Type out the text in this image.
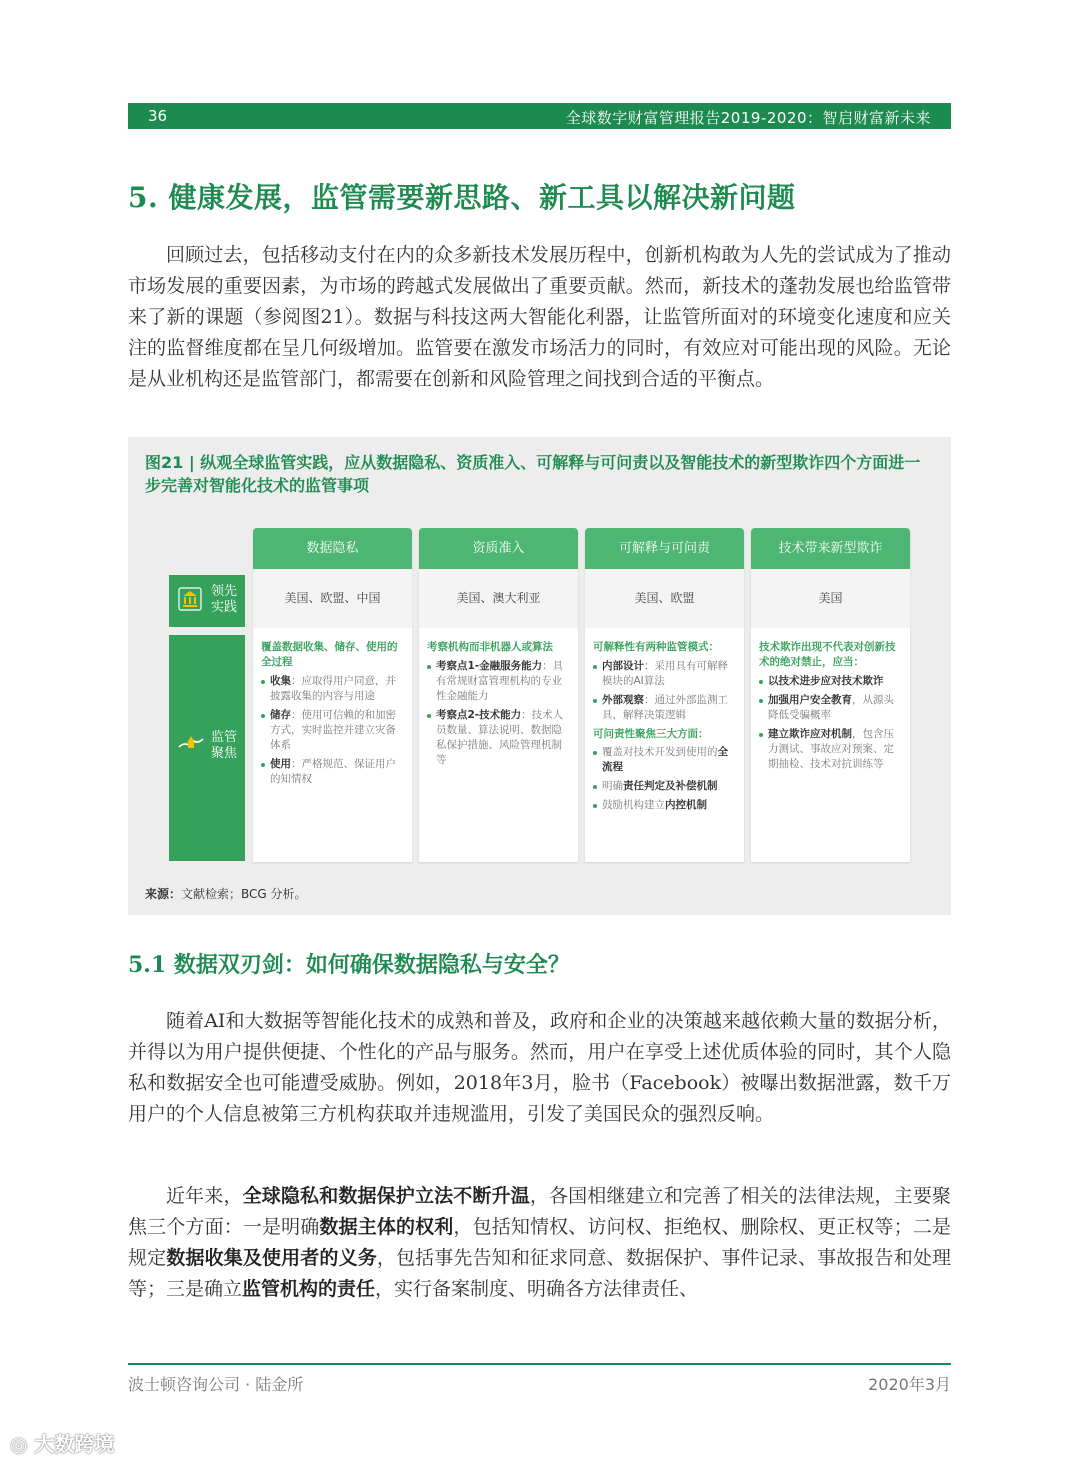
36	全球数字财富管理报告2019-2020：智启财富新未来
5. 健康发展，监管需要新思路、新工具以解决新问题

回顾过去，包括移动支付在内的众多新技术发展历程中，创新机构敢为人先的尝试成为了推动市场发展的重要因素，为市场的跨越式发展做出了重要贡献。然而，新技术的蓬勃发展也给监管带来了新的课题（参阅图21）。数据与科技这两大智能化利器，让监管所面对的环境变化速度和应关注的监督维度都在呈几何级增加。监管要在激发市场活力的同时，有效应对可能出现的风险。无论是从业机构还是监管部门，都需要在创新和风险管理之间找到合适的平衡点。

图21 | 纵观全球监管实践，应从数据隐私、资质准入、可解释与可问责以及智能技术的新型欺诈四个方面进一步完善对智能化技术的监管事项
领先实践
监管聚焦
数据隐私
美国、欧盟、中国
覆盖数据收集、储存、使用的全过程
收集：应取得用户同意，并披露收集的内容与用途
储存：使用可信赖的和加密方式，实时监控并建立灾备体系
使用：严格规范、保证用户的知情权
资质准入
美国、澳大利亚
考察机构而非机器人或算法
考察点1-金融服务能力：具有常规财富管理机构的专业性金融能力
考察点2-技术能力：技术人员数量、算法说明、数据隐私保护措施、风险管理机制等
可解释与可问责
美国、欧盟
可解释性有两种监管模式：
内部设计：采用具有可解释模块的AI算法
外部观察：通过外部监测工具，解释决策逻辑
可问责性聚焦三大方面：
覆盖对技术开发到使用的全流程
明确责任判定及补偿机制
鼓励机构建立内控机制
技术带来新型欺诈
美国
技术欺诈出现不代表对创新技术的绝对禁止，应当：
以技术进步应对技术欺诈
加强用户安全教育，从源头降低受骗概率
建立欺诈应对机制，包含压力测试、事故应对预案、定期抽检、技术对抗训练等
来源：文献检索；BCG 分析。
5.1 数据双刃剑：如何确保数据隐私与安全？

随着AI和大数据等智能化技术的成熟和普及，政府和企业的决策越来越依赖大量的数据分析，并得以为用户提供便捷、个性化的产品与服务。然而，用户在享受上述优质体验的同时，其个人隐私和数据安全也可能遭受威胁。例如，2018年3月，脸书（Facebook）被曝出数据泄露，数千万用户的个人信息被第三方机构获取并违规滥用，引发了美国民众的强烈反响。

近年来，全球隐私和数据保护立法不断升温，各国相继建立和完善了相关的法律法规，主要聚焦三个方面：一是明确数据主体的权利，包括知情权、访问权、拒绝权、删除权、更正权等；二是规定数据收集及使用者的义务，包括事先告知和征求同意、数据保护、事件记录、事故报告和处理等；三是确立监管机构的责任，实行备案制度、明确各方法律责任、

波士顿咨询公司 · 陆金所	2020年3月
◎ 大数跨境
